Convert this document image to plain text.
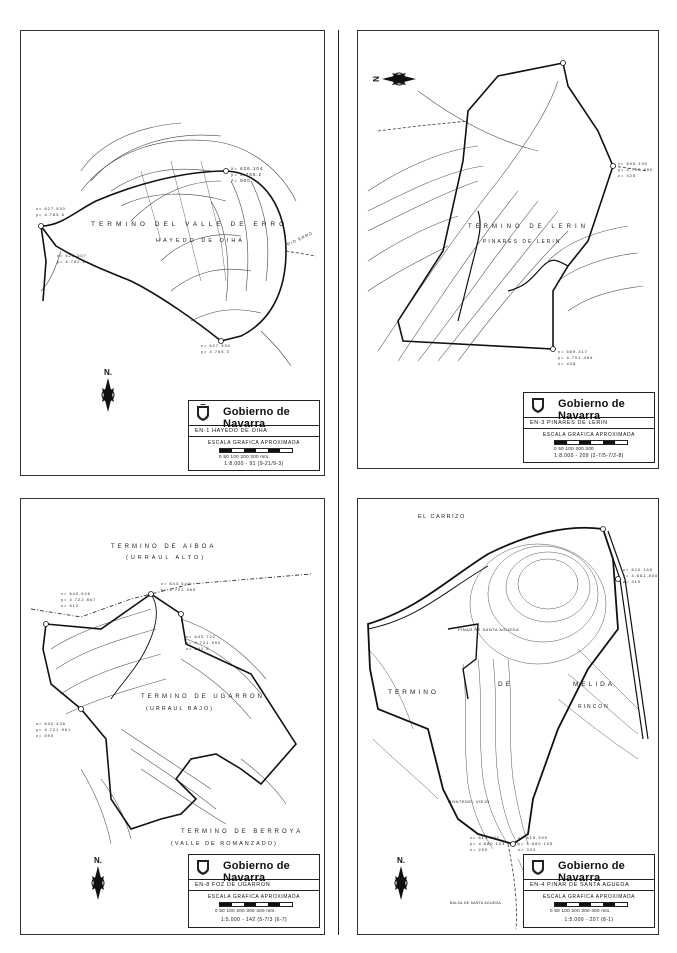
TERMINO DEL VALLE DE ERRO
HAYEDO DE OIHA
x= 626.104
y= 4.765.2
z= 900
x= 627.530
y= 4.765.6
x= 627.930
y= 4.765.3
x= 623.007
y= 4.762.6
RIO ERRO
N.
Gobierno de Navarra
EN-1 HAYEDO DE OIHA
ESCALA GRAFICA APROXIMADA
0 50 100 200 300 mts.
1:8.000 - 91 (9-21/9-3)
TERMINO DE LERIN
PINARES DE LERIN
x= 590.190
y= 4.700.690
z= 425
x= 589.317
y= 4.701.484
z= 438
N
Gobierno de Navarra
EN-3 PINARES DE LERIN
ESCALA GRAFICA APROXIMADA
0 50 100 200 300
1:8.000 - 209 (2-7/5-7/2-8)
TERMINO DE AIBOA
(URRAUL ALTO)
TERMINO DE UGARRON
(URRAUL BAJO)
TERMINO DE BERROYA
(VALLE DE ROMANZADO)
x= 642.926
y= 4.722.867
z= 612
x= 643.540
y= 4.722.365
x= 643.722
y= 4.721.990
z= 641,5
x= 642.436
y= 4.721.961
z= 590
N.	Gobierno de Navarra
EN-8 FOZ DE UGARRON
ESCALA GRAFICA APROXIMADA
0 50 100 200 300 400 mts.
1:5.000 - 142 (5-7/3 (6-7)
EL CARRIZO
TERMINO
DE	MELIDA
RINCON
PINAR DE SANTA AGUEDA
MONTEDEL VIEJO
BALSA DE SANTA AGUEDA
x= 620.165
y= 4.681.800
z= 319
x= 615.390
y= 4.680.105
z= 333
x= 614.932
y= 4.680.133
z= 255
N.	Gobierno de Navarra
EN-4 PINAR DE SANTA AGUEDA
ESCALA GRAFICA APROXIMADA
0 50 100 200 300 400 mts.
1:5.000 - 207 (8-1)
